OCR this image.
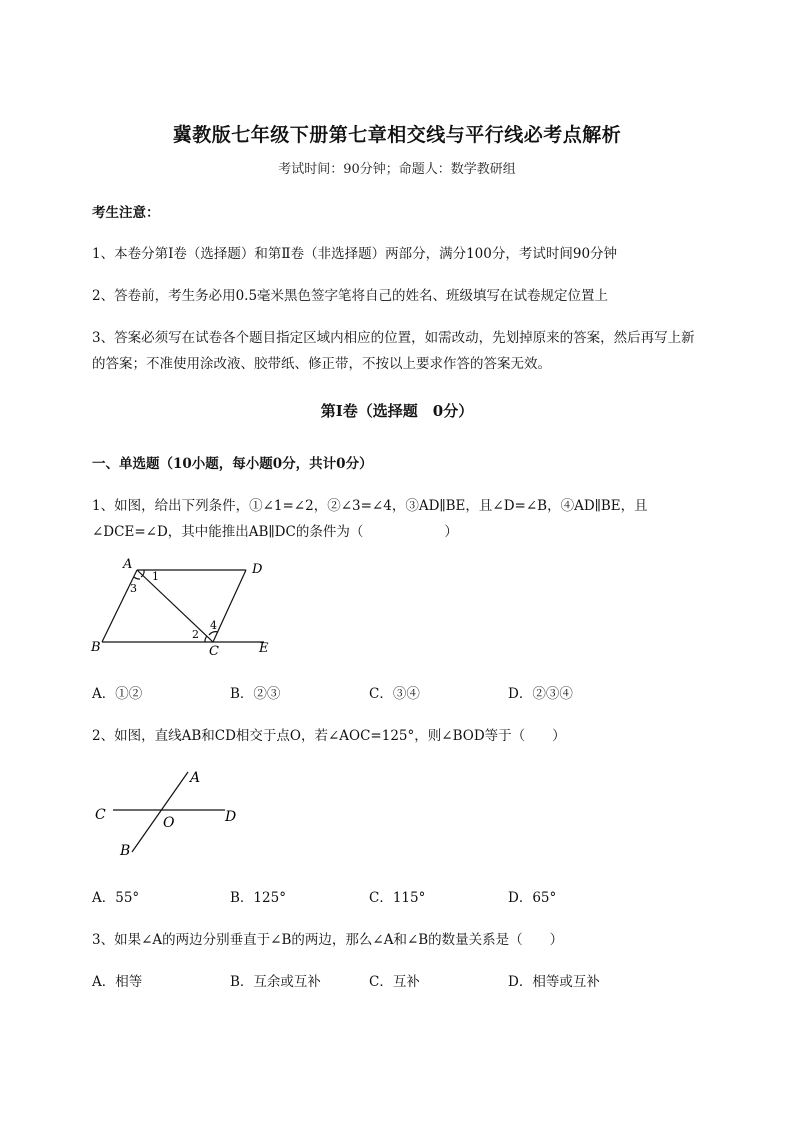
冀教版七年级下册第七章相交线与平行线必考点解析
考试时间：90分钟；命题人：数学教研组
考生注意：
1、本卷分第I卷（选择题）和第Ⅱ卷（非选择题）两部分，满分100分，考试时间90分钟
2、答卷前，考生务必用0.5毫米黑色签字笔将自己的姓名、班级填写在试卷规定位置上
3、答案必须写在试卷各个题目指定区域内相应的位置，如需改动，先划掉原来的答案，然后再写上新
的答案；不准使用涂改液、胶带纸、修正带，不按以上要求作答的答案无效。
第I卷（选择题　0分）
一、单选题（10小题，每小题0分，共计0分）
1、如图，给出下列条件，①∠1=∠2，②∠3=∠4，③AD∥BE，且∠D=∠B，④AD∥BE，且
∠DCE=∠D，其中能推出AB∥DC的条件为（　　　　　　）
A	D
B	C	E
1
3
2
4
A．①②	B．②③	C．③④	D．②③④
2、如图，直线AB和CD相交于点O，若∠AOC=125°，则∠BOD等于（　　）
A
C	O	D
B
A．55°	B．125°	C．115°	D．65°
3、如果∠A的两边分别垂直于∠B的两边，那么∠A和∠B的数量关系是（　　）
A．相等	B．互余或互补	C．互补	D．相等或互补
